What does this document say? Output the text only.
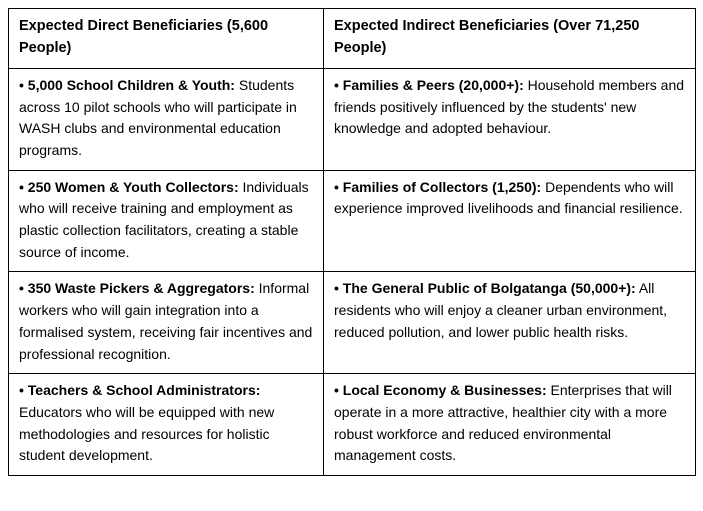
Expected Direct Beneficiaries (5,600 People)	Expected Indirect Beneficiaries (Over 71,250 People)
• 5,000 School Children & Youth: Students across 10 pilot schools who will participate in WASH clubs and environmental education programs.	• Families & Peers (20,000+): Household members and friends positively influenced by the students' new knowledge and adopted behaviour.
• 250 Women & Youth Collectors: Individuals who will receive training and employment as plastic collection facilitators, creating a stable source of income.	• Families of Collectors (1,250): Dependents who will experience improved livelihoods and financial resilience.
• 350 Waste Pickers & Aggregators: Informal workers who will gain integration into a formalised system, receiving fair incentives and professional recognition.	• The General Public of Bolgatanga (50,000+): All residents who will enjoy a cleaner urban environment, reduced pollution, and lower public health risks.
• Teachers & School Administrators: Educators who will be equipped with new methodologies and resources for holistic student development.	• Local Economy & Businesses: Enterprises that will operate in a more attractive, healthier city with a more robust workforce and reduced environmental management costs.
